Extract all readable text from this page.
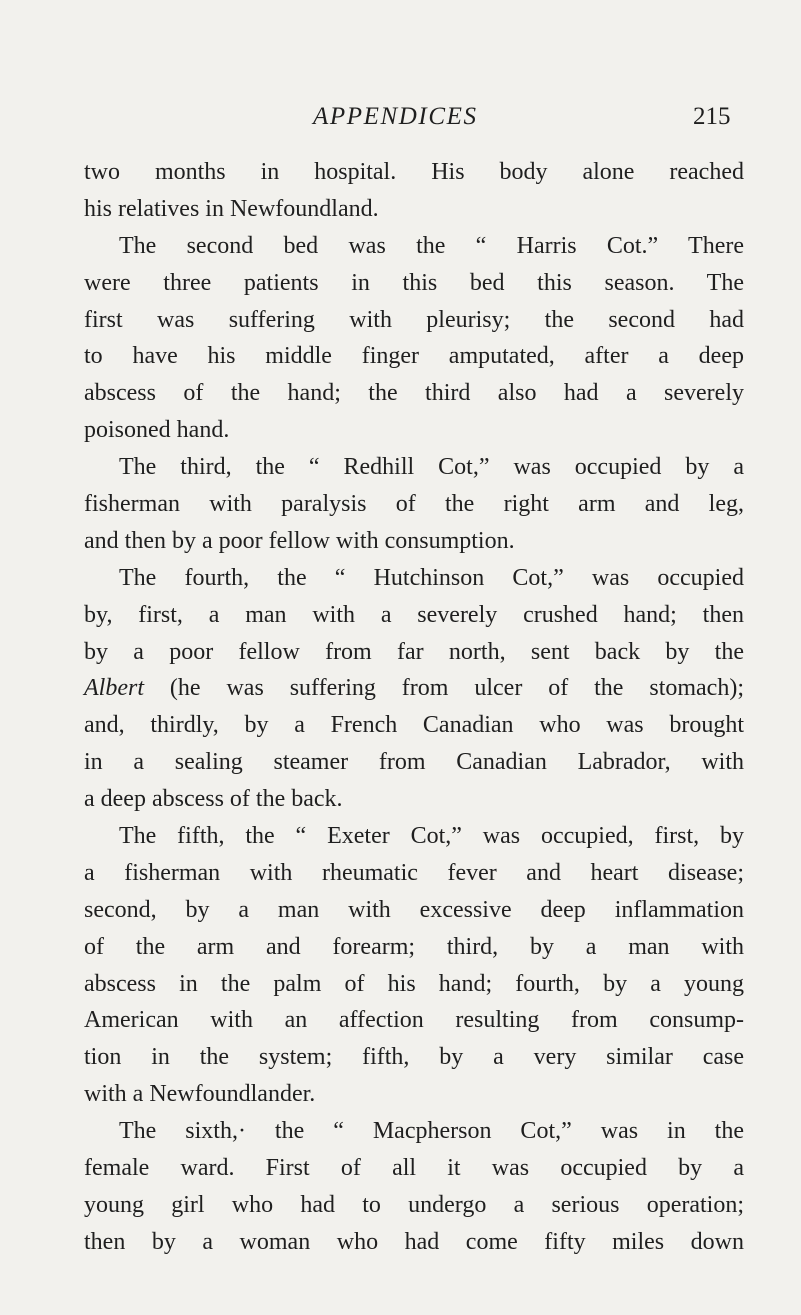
APPENDICES	215
two months in hospital. His body alone reached
his relatives in Newfoundland.
The second bed was the “ Harris Cot.” There
were three patients in this bed this season. The
first was suffering with pleurisy; the second had
to have his middle finger amputated, after a deep
abscess of the hand; the third also had a severely
poisoned hand.
The third, the “ Redhill Cot,” was occupied by a
fisherman with paralysis of the right arm and leg,
and then by a poor fellow with consumption.
The fourth, the “ Hutchinson Cot,” was occupied
by, first, a man with a severely crushed hand; then
by a poor fellow from far north, sent back by the
Albert (he was suffering from ulcer of the stomach);
and, thirdly, by a French Canadian who was brought
in a sealing steamer from Canadian Labrador, with
a deep abscess of the back.
The fifth, the “ Exeter Cot,” was occupied, first, by
a fisherman with rheumatic fever and heart disease;
second, by a man with excessive deep inflammation
of the arm and forearm; third, by a man with
abscess in the palm of his hand; fourth, by a young
American with an affection resulting from consump-
tion in the system; fifth, by a very similar case
with a Newfoundlander.
The sixth,· the “ Macpherson Cot,” was in the
female ward. First of all it was occupied by a
young girl who had to undergo a serious operation;
then by a woman who had come fifty miles down
